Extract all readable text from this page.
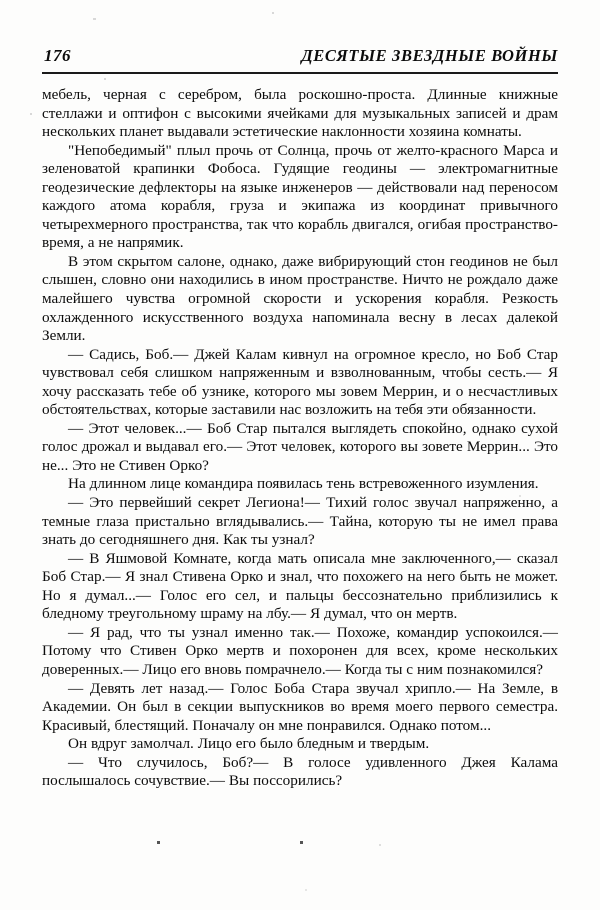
176	ДЕСЯТЫЕ ЗВЕЗДНЫЕ ВОЙНЫ

мебель, черная с серебром, была роскошно-проста. Длинные книжные стеллажи и оптифон с высокими ячейками для музыкальных записей и драм нескольких планет выдавали эстетические наклонности хозяина комнаты.

"Непобедимый" плыл прочь от Солнца, прочь от желто-красного Марса и зеленоватой крапинки Фобоса. Гудящие геодины — электромагнитные геодезические дефлекторы на языке инженеров — действовали над переносом каждого атома корабля, груза и экипажа из координат привычного четырехмерного пространства, так что корабль двигался, огибая пространство-время, а не напрямик.

В этом скрытом салоне, однако, даже вибрирующий стон геодинов не был слышен, словно они находились в ином пространстве. Ничто не рождало даже малейшего чувства огромной скорости и ускорения корабля. Резкость охлажденного искусственного воздуха напоминала весну в лесах далекой Земли.

— Садись, Боб.— Джей Калам кивнул на огромное кресло, но Боб Стар чувствовал себя слишком напряженным и взволнованным, чтобы сесть.— Я хочу рассказать тебе об узнике, которого мы зовем Меррин, и о несчастливых обстоятельствах, которые заставили нас возложить на тебя эти обязанности.

— Этот человек...— Боб Стар пытался выглядеть спокойно, однако сухой голос дрожал и выдавал его.— Этот человек, которого вы зовете Меррин... Это не... Это не Стивен Орко?

На длинном лице командира появилась тень встревоженного изумления.

— Это первейший секрет Легиона!— Тихий голос звучал напряженно, а темные глаза пристально вглядывались.— Тайна, которую ты не имел права знать до сегодняшнего дня. Как ты узнал?

— В Яшмовой Комнате, когда мать описала мне заключенного,— сказал Боб Стар.— Я знал Стивена Орко и знал, что похожего на него быть не может. Но я думал...— Голос его сел, и пальцы бессознательно приблизились к бледному треугольному шраму на лбу.— Я думал, что он мертв.

— Я рад, что ты узнал именно так.— Похоже, командир успокоился.— Потому что Стивен Орко мертв и похоронен для всех, кроме нескольких доверенных.— Лицо его вновь помрачнело.— Когда ты с ним познакомился?

— Девять лет назад.— Голос Боба Стара звучал хрипло.— На Земле, в Академии. Он был в секции выпускников во время моего первого семестра. Красивый, блестящий. Поначалу он мне понравился. Однако потом...

Он вдруг замолчал. Лицо его было бледным и твердым.

— Что случилось, Боб?— В голосе удивленного Джея Калама послышалось сочувствие.— Вы поссорились?
